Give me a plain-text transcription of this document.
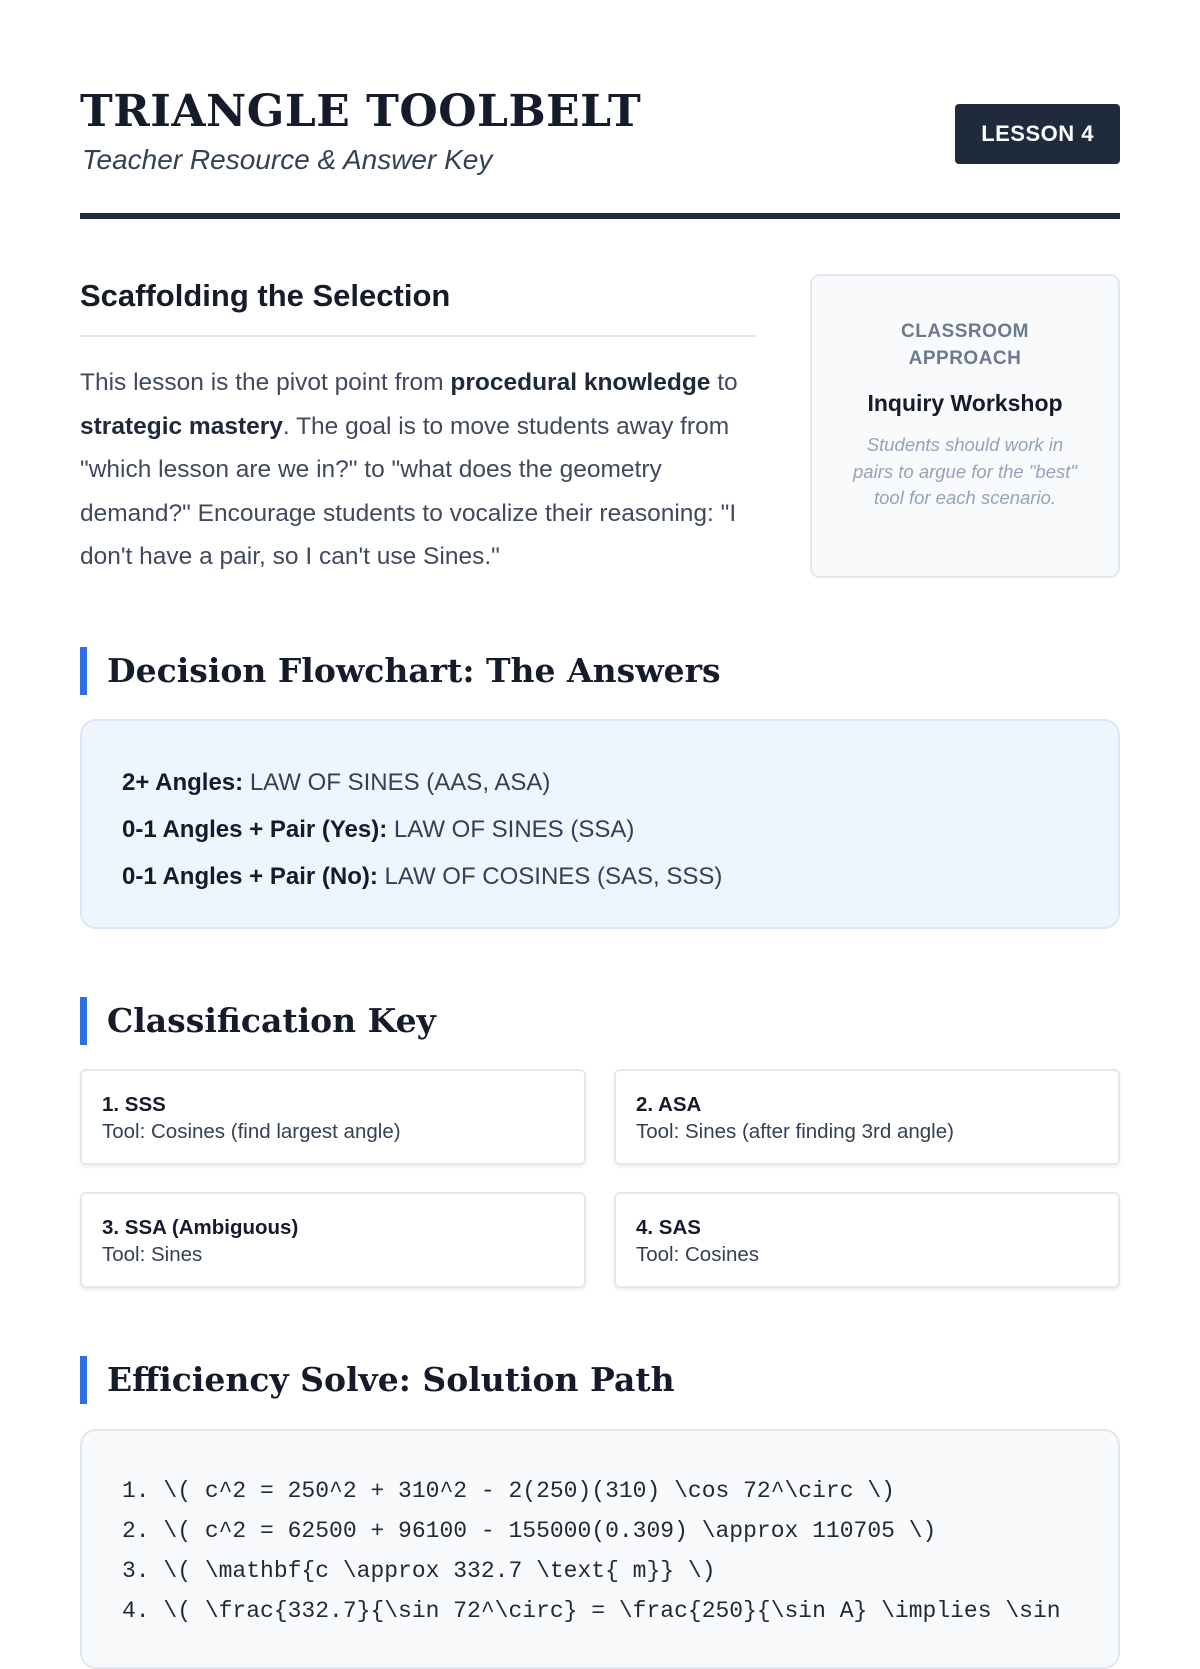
TRIANGLE TOOLBELT
Teacher Resource & Answer Key
LESSON 4
Scaffolding the Selection

This lesson is the pivot point from procedural knowledge to strategic mastery. The goal is to move students away from "which lesson are we in?" to "what does the geometry demand?" Encourage students to vocalize their reasoning: "I don't have a pair, so I can't use Sines."

CLASSROOM APPROACH
Inquiry Workshop
Students should work in pairs to argue for the "best" tool for each scenario.
Decision Flowchart: The Answers
2+ Angles: LAW OF SINES (AAS, ASA)
0-1 Angles + Pair (Yes): LAW OF SINES (SSA)
0-1 Angles + Pair (No): LAW OF COSINES (SAS, SSS)
Classification Key
1. SSS
Tool: Cosines (find largest angle)
2. ASA
Tool: Sines (after finding 3rd angle)
3. SSA (Ambiguous)
Tool: Sines
4. SAS
Tool: Cosines
Efficiency Solve: Solution Path
1. \( c^2 = 250^2 + 310^2 - 2(250)(310) \cos 72^\circ \)
2. \( c^2 = 62500 + 96100 - 155000(0.309) \approx 110705 \)
3. \( \mathbf{c \approx 332.7 \text{ m}} \)
4. \( \frac{332.7}{\sin 72^\circ} = \frac{250}{\sin A} \implies \sin
